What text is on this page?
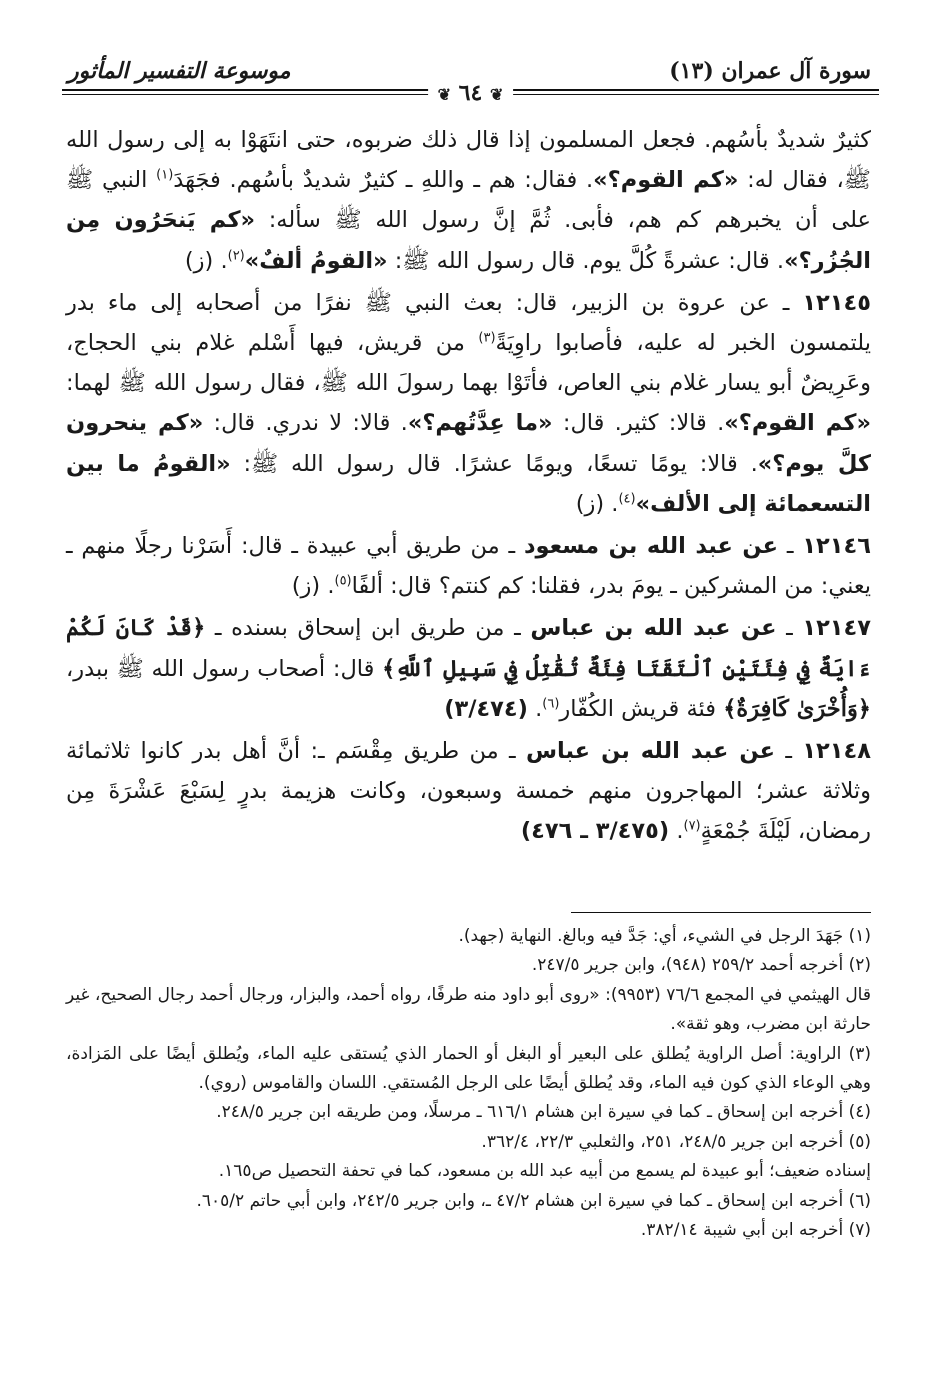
سورة آل عمران (١٣)
موسوعة التفسير المأثور
❦ ٦٤ ❦

كثيرٌ شديدٌ بأسُهم. فجعل المسلمون إذا قال ذلك ضربوه، حتى انتَهَوْا به إلى رسول الله ﷺ، فقال له: «كم القوم؟». فقال: هم ـ واللهِ ـ كثيرٌ شديدٌ بأسُهم. فجَهَدَ$^{(١)}$ النبي ﷺ على أن يخبرهم كم هم، فأبى. ثُمَّ إنَّ رسول الله ﷺ سأله: «كم يَنحَرُون مِن الجُزُر؟». قال: عشرةً كُلَّ يوم. قال رسول الله ﷺ: «القومُ ألفٌ»$^{(٢)}$. (ز)

١٢١٤٥ ـ عن عروة بن الزبير، قال: بعث النبي ﷺ نفرًا من أصحابه إلى ماء بدر يلتمسون الخبر له عليه، فأصابوا راوِيَةً$^{(٣)}$ من قريش، فيها أَسْلم غلام بني الحجاج، وعَرِيضٌ أبو يسار غلام بني العاص، فأتَوْا بهما رسولَ الله ﷺ، فقال رسول الله ﷺ لهما: «كم القوم؟». قالا: كثير. قال: «ما عِدَّتُهم؟». قالا: لا ندري. قال: «كم ينحرون كلَّ يوم؟». قالا: يومًا تسعًا، ويومًا عشرًا. قال رسول الله ﷺ: «القومُ ما بين التسعمائة إلى الألف»$^{(٤)}$. (ز)

١٢١٤٦ ـ عن عبد الله بن مسعود ـ من طريق أبي عبيدة ـ قال: أَسَرْنا رجلًا منهم ـ يعني: من المشركين ـ يومَ بدر، فقلنا: كم كنتم؟ قال: ألفًا$^{(٥)}$. (ز)

١٢١٤٧ ـ عن عبد الله بن عباس ـ من طريق ابن إسحاق بسنده ـ ﴿قَدْ كَانَ لَكُمْ ءَايَةٌ فِي فِئَتَيْنِ ٱلْتَقَتَا فِئَةٌ تُقَٰتِلُ فِي سَبِيلِ ٱللَّهِ﴾ قال: أصحاب رسول الله ﷺ ببدر، ﴿وَأُخْرَىٰ كَافِرَةٌ﴾ فئة قريش الكُفّار$^{(٦)}$. (٣/٤٧٤)

١٢١٤٨ ـ عن عبد الله بن عباس ـ من طريق مِقْسَم ـ: أنَّ أهل بدر كانوا ثلاثمائة وثلاثة عشر؛ المهاجرون منهم خمسة وسبعون، وكانت هزيمة بدرٍ لِسَبْعَ عَشْرَةَ مِن رمضان، لَيْلَةَ جُمْعَةٍ$^{(٧)}$. (٣/٤٧٥ ـ ٤٧٦)

(١) جَهَدَ الرجل في الشيء، أي: جَدَّ فيه وبالغ. النهاية (جهد).

(٢) أخرجه أحمد ٢٥٩/٢ (٩٤٨)، وابن جرير ٢٤٧/٥.

قال الهيثمي في المجمع ٧٦/٦ (٩٩٥٣): «روى أبو داود منه طرفًا، رواه أحمد، والبزار، ورجال أحمد رجال الصحيح، غير حارثة ابن مضرب، وهو ثقة».

(٣) الراوية: أصل الراوية يُطلق على البعير أو البغل أو الحمار الذي يُستقى عليه الماء، ويُطلق أيضًا على المَزادة، وهي الوعاء الذي كون فيه الماء، وقد يُطلق أيضًا على الرجل المُستقي. اللسان والقاموس (روي).

(٤) أخرجه ابن إسحاق ـ كما في سيرة ابن هشام ٦١٦/١ ـ مرسلًا، ومن طريقه ابن جرير ٢٤٨/٥.

(٥) أخرجه ابن جرير ٢٤٨/٥، ٢٥١، والثعلبي ٢٢/٣، ٣٦٢/٤.

إسناده ضعيف؛ أبو عبيدة لم يسمع من أبيه عبد الله بن مسعود، كما في تحفة التحصيل ص١٦٥.

(٦) أخرجه ابن إسحاق ـ كما في سيرة ابن هشام ٤٧/٢ ـ، وابن جرير ٢٤٢/٥، وابن أبي حاتم ٦٠٥/٢.

(٧) أخرجه ابن أبي شيبة ٣٨٢/١٤.
